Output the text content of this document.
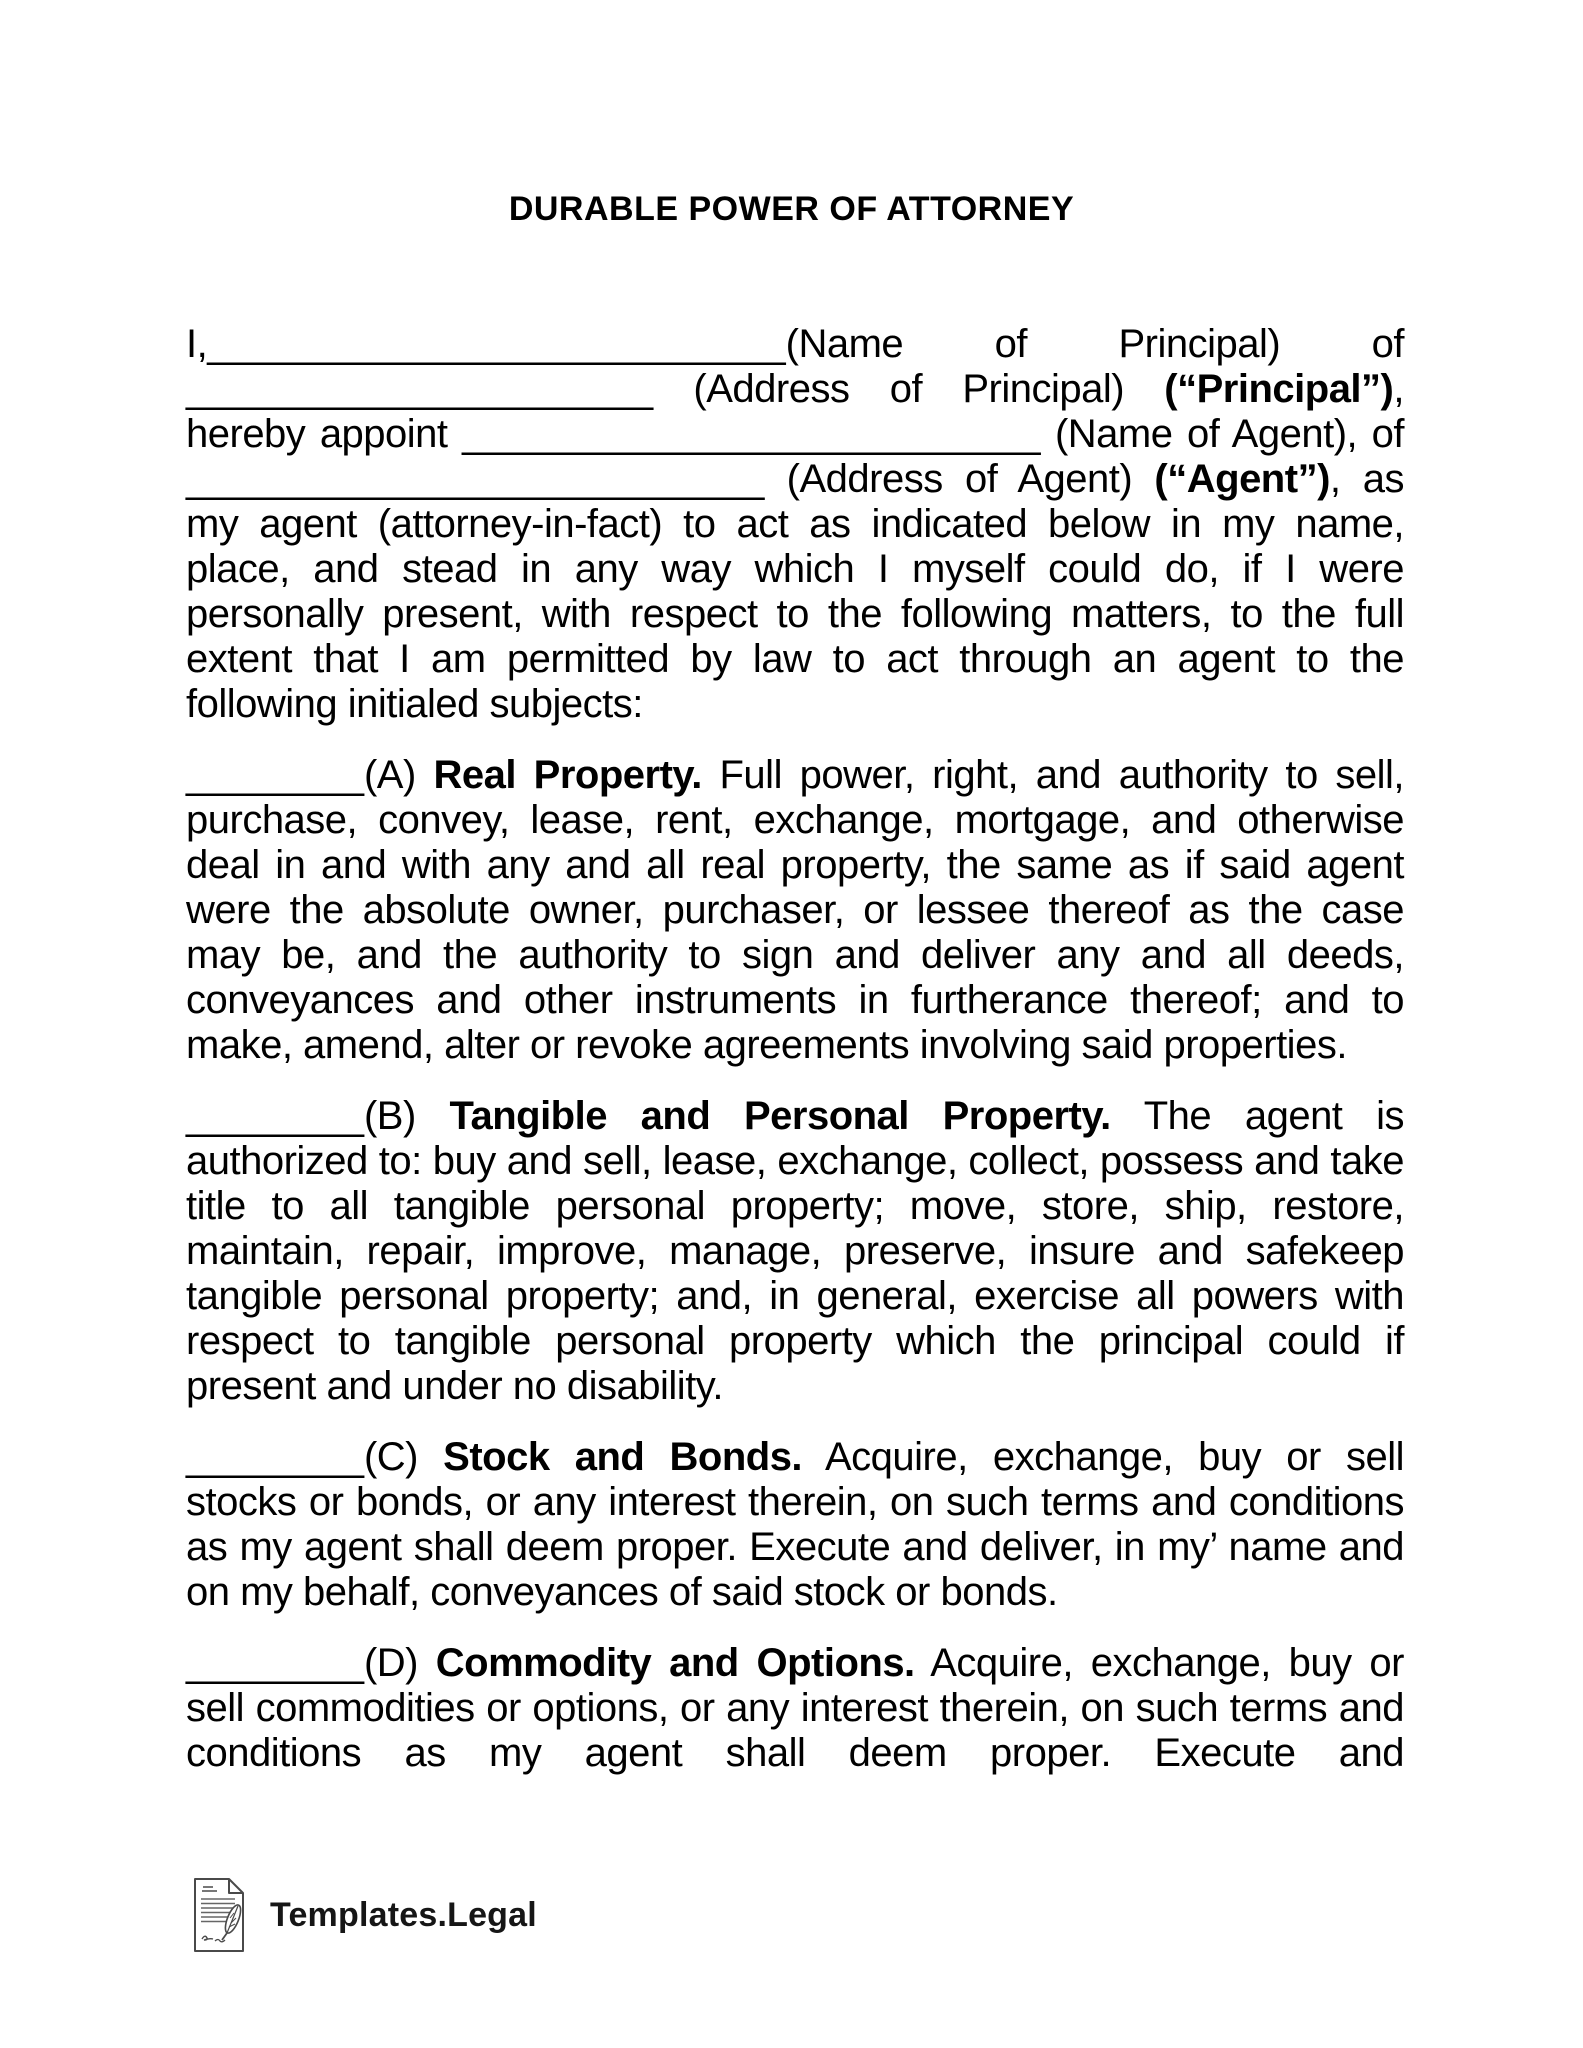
DURABLE POWER OF ATTORNEY

I,__________________________(Name of Principal) of _____________________ (Address of Principal) (“Principal”), hereby appoint __________________________ (Name of Agent), of __________________________ (Address of Agent) (“Agent”), as my agent (attorney-in-fact) to act as indicated below in my name, place, and stead in any way which I myself could do, if I were personally present, with respect to the following matters, to the full extent that I am permitted by law to act through an agent to the following initialed subjects:

________(A) Real Property. Full power, right, and authority to sell, purchase, convey, lease, rent, exchange, mortgage, and otherwise deal in and with any and all real property, the same as if said agent were the absolute owner, purchaser, or lessee thereof as the case may be, and the authority to sign and deliver any and all deeds, conveyances and other instruments in furtherance thereof; and to make, amend, alter or revoke agreements involving said properties.

________(B) Tangible and Personal Property. The agent is authorized to: buy and sell, lease, exchange, collect, possess and take title to all tangible personal property; move, store, ship, restore, maintain, repair, improve, manage, preserve, insure and safekeep tangible personal property; and, in general, exercise all powers with respect to tangible personal property which the principal could if present and under no disability.

________(C) Stock and Bonds. Acquire, exchange, buy or sell stocks or bonds, or any interest therein, on such terms and conditions as my agent shall deem proper. Execute and deliver, in my’ name and on my behalf, conveyances of said stock or bonds.

________(D) Commodity and Options. Acquire, exchange, buy or sell commodities or options, or any interest therein, on such terms and conditions as my agent shall deem proper. Execute and

Templates.Legal
